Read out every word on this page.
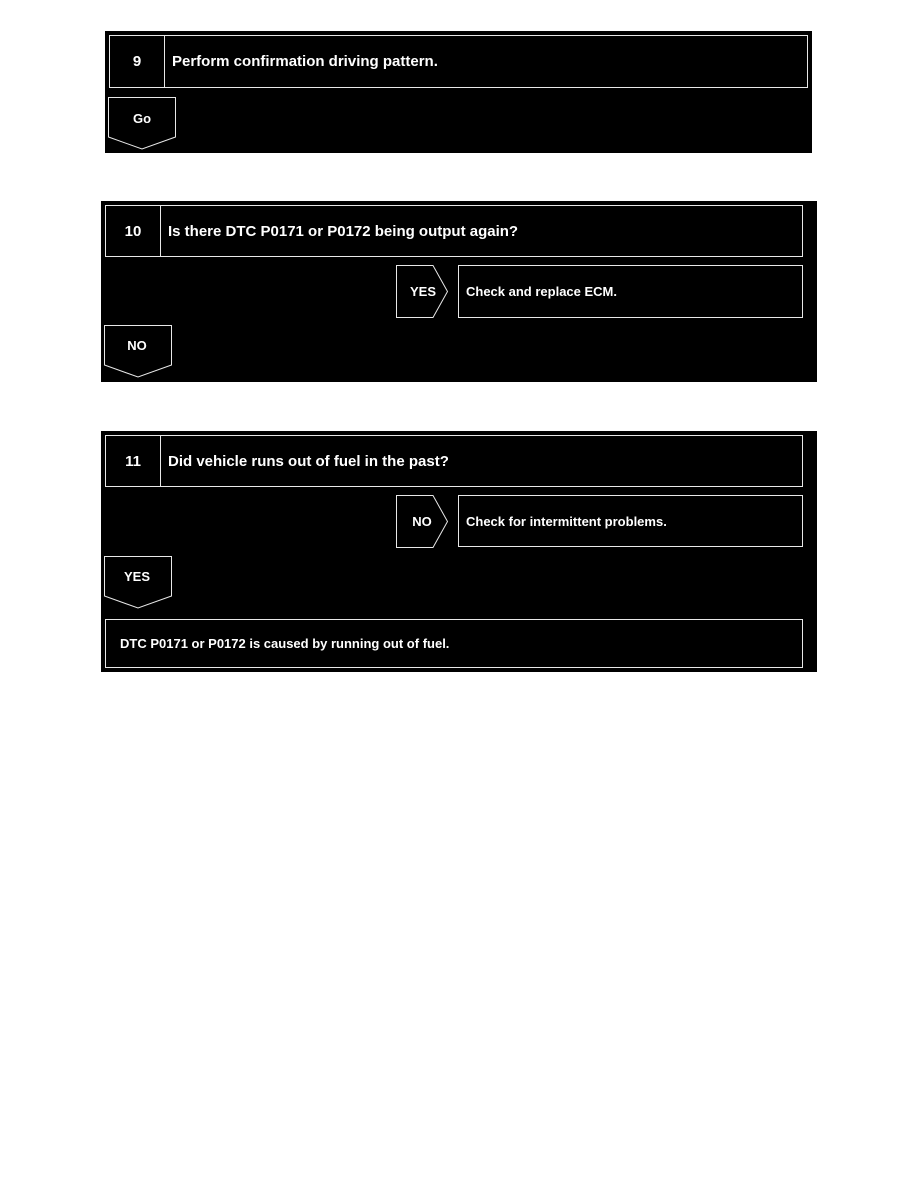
9	Perform confirmation driving pattern.
Go
10	Is there DTC P0171 or P0172 being output again?
YES	Check and replace ECM.
NO
11	Did vehicle runs out of fuel in the past?
NO	Check for intermittent problems.
YES
DTC P0171 or P0172 is caused by running out of fuel.
